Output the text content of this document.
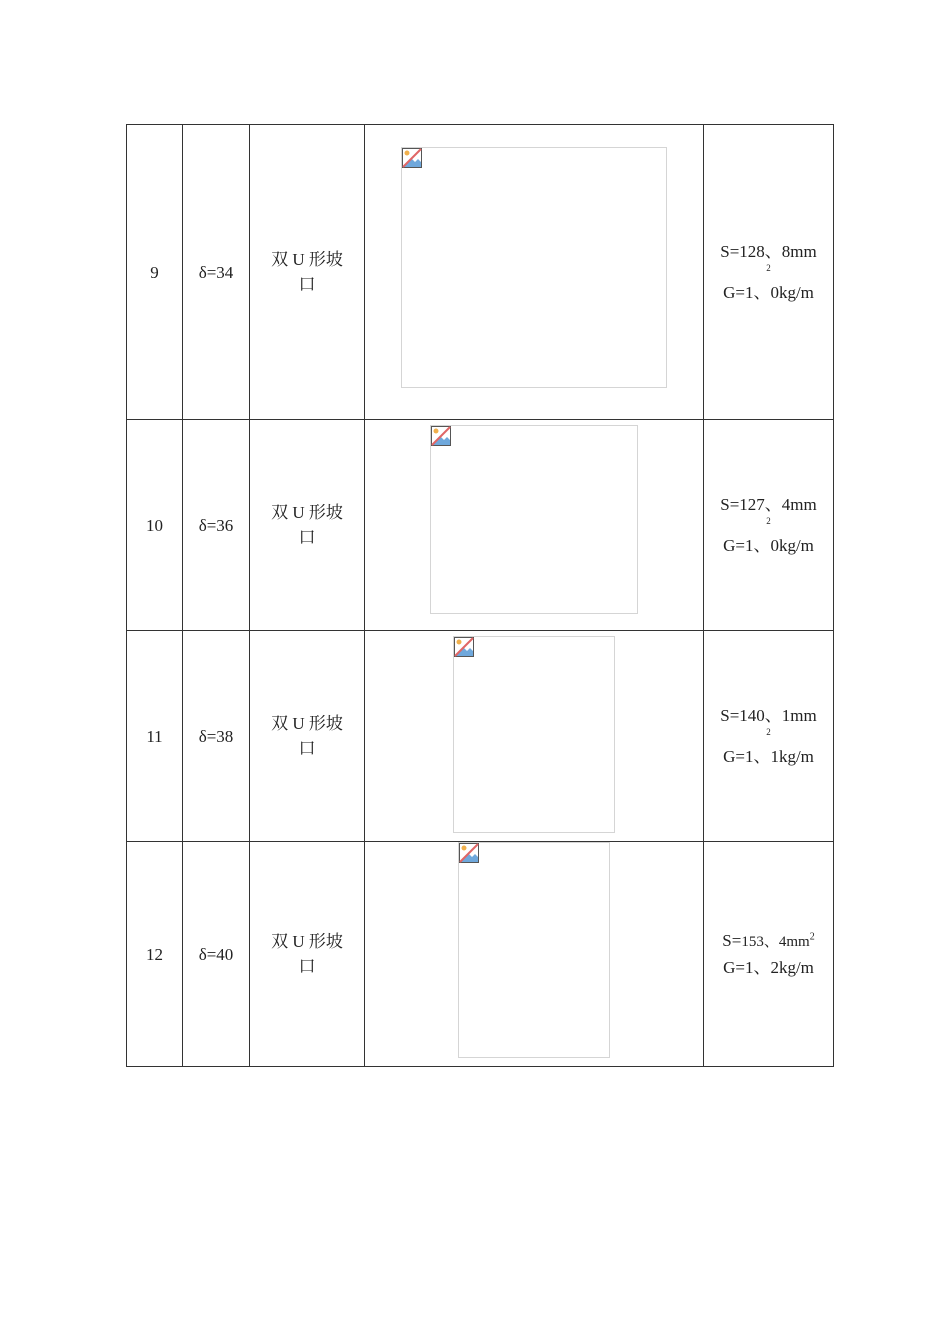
9	δ=34	双 U 形坡口		S=128、8mm
2
G=1、0kg/m

10	δ=36	双 U 形坡口		S=127、4mm
2
G=1、0kg/m

11	δ=38	双 U 形坡口		S=140、1mm
2
G=1、1kg/m

12	δ=40	双 U 形坡口		S=153、$4mm^2$
G=1、2kg/m
